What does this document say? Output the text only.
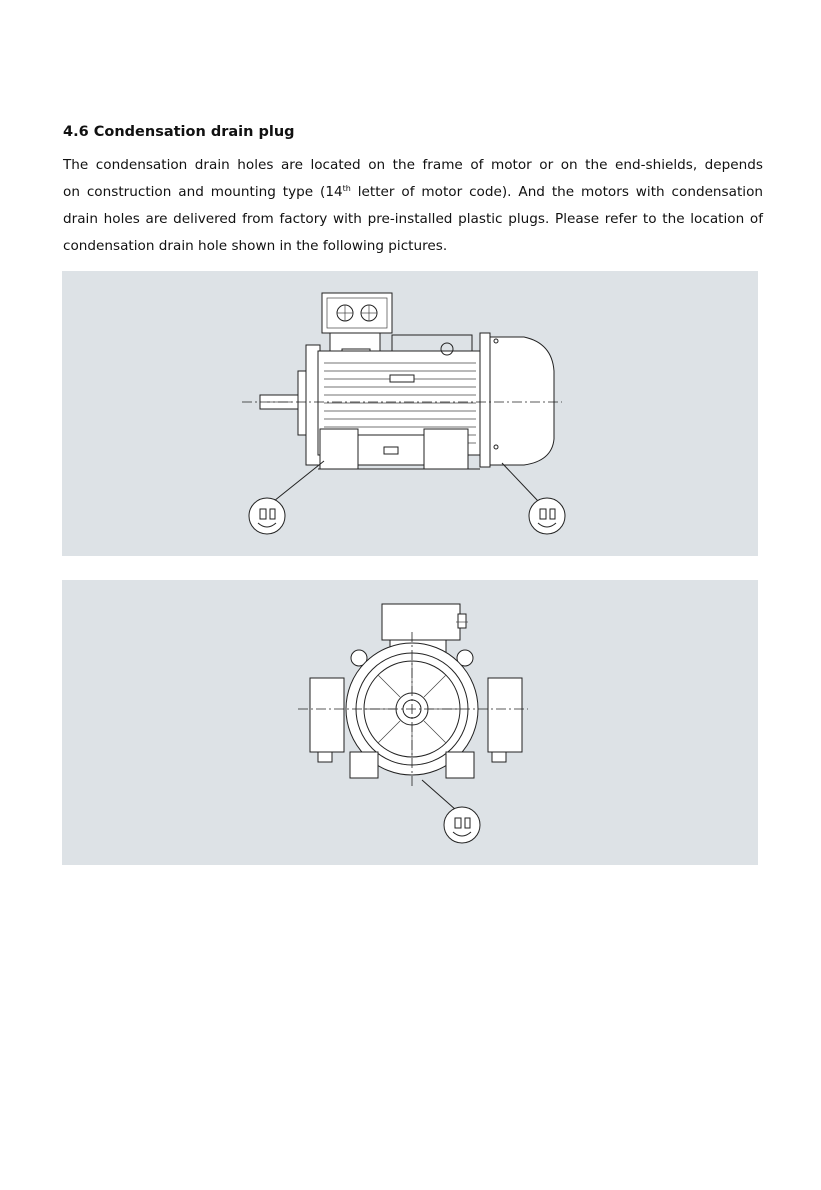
4.6 Condensation drain plug

The condensation drain holes are located on the frame of motor or on the end-shields, depends
on construction and mounting type (14th letter of motor code). And the motors with condensation
drain holes are delivered from factory with pre-installed plastic plugs. Please refer to the location of
condensation drain hole shown in the following pictures.
